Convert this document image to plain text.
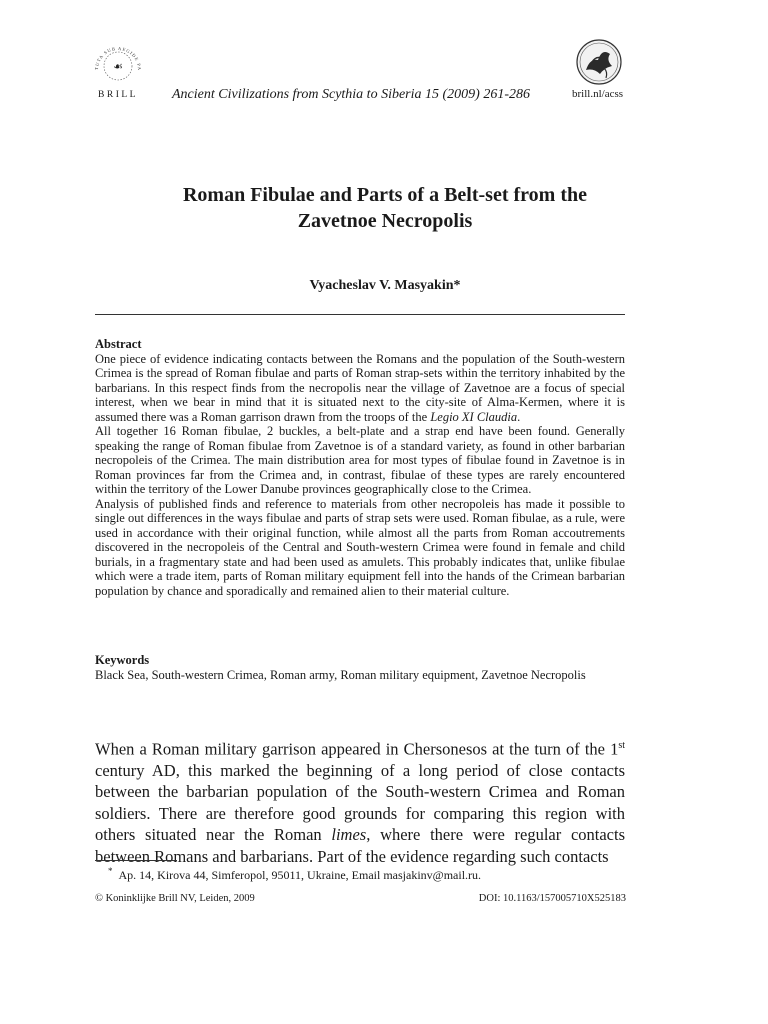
☙
TUTA SUB AEGIDE PA
BRILL	Ancient Civilizations from Scythia to Siberia 15 (2009) 261-286	brill.nl/acss
Roman Fibulae and Parts of a Belt-set from the
Zavetnoe Necropolis
Vyacheslav V. Masyakin*
Abstract

One piece of evidence indicating contacts between the Romans and the population of the South-western Crimea is the spread of Roman fibulae and parts of Roman strap-sets within the territory inhabited by the barbarians. In this respect finds from the necropolis near the village of Zavetnoe are a focus of special interest, when we bear in mind that it is situated next to the city-site of Alma-Kermen, where it is assumed there was a Roman garrison drawn from the troops of the Legio XI Claudia.

All together 16 Roman fibulae, 2 buckles, a belt-plate and a strap end have been found. Generally speaking the range of Roman fibulae from Zavetnoe is of a standard variety, as found in other barbarian necropoleis of the Crimea. The main distribution area for most types of fibulae found in Zavetnoe is in Roman provinces far from the Crimea and, in contrast, fibulae of these types are rarely encountered within the territory of the Lower Danube provinces geographically close to the Crimea.

Analysis of published finds and reference to materials from other necropoleis has made it possible to single out differences in the ways fibulae and parts of strap sets were used. Roman fibulae, as a rule, were used in accordance with their original function, while almost all the parts from Roman accoutrements discovered in the necropoleis of the Central and South-western Crimea were found in female and child burials, in a fragmentary state and had been used as amulets. This probably indicates that, unlike fibulae which were a trade item, parts of Roman military equipment fell into the hands of the Crimean barbarian population by chance and sporadically and remained alien to their material culture.

Keywords

Black Sea, South-western Crimea, Roman army, Roman military equipment, Zavetnoe Necropolis

When a Roman military garrison appeared in Chersonesos at the turn of the 1st century AD, this marked the beginning of a long period of close contacts between the barbarian population of the South-western Crimea and Roman soldiers. There are therefore good grounds for comparing this region with others situated near the Roman limes, where there were regular contacts between Romans and barbarians. Part of the evidence regarding such contacts

* Ap. 14, Kirova 44, Simferopol, 95011, Ukraine, Email masjakinv@mail.ru.
© Koninklijke Brill NV, Leiden, 2009	DOI: 10.1163/157005710X525183
